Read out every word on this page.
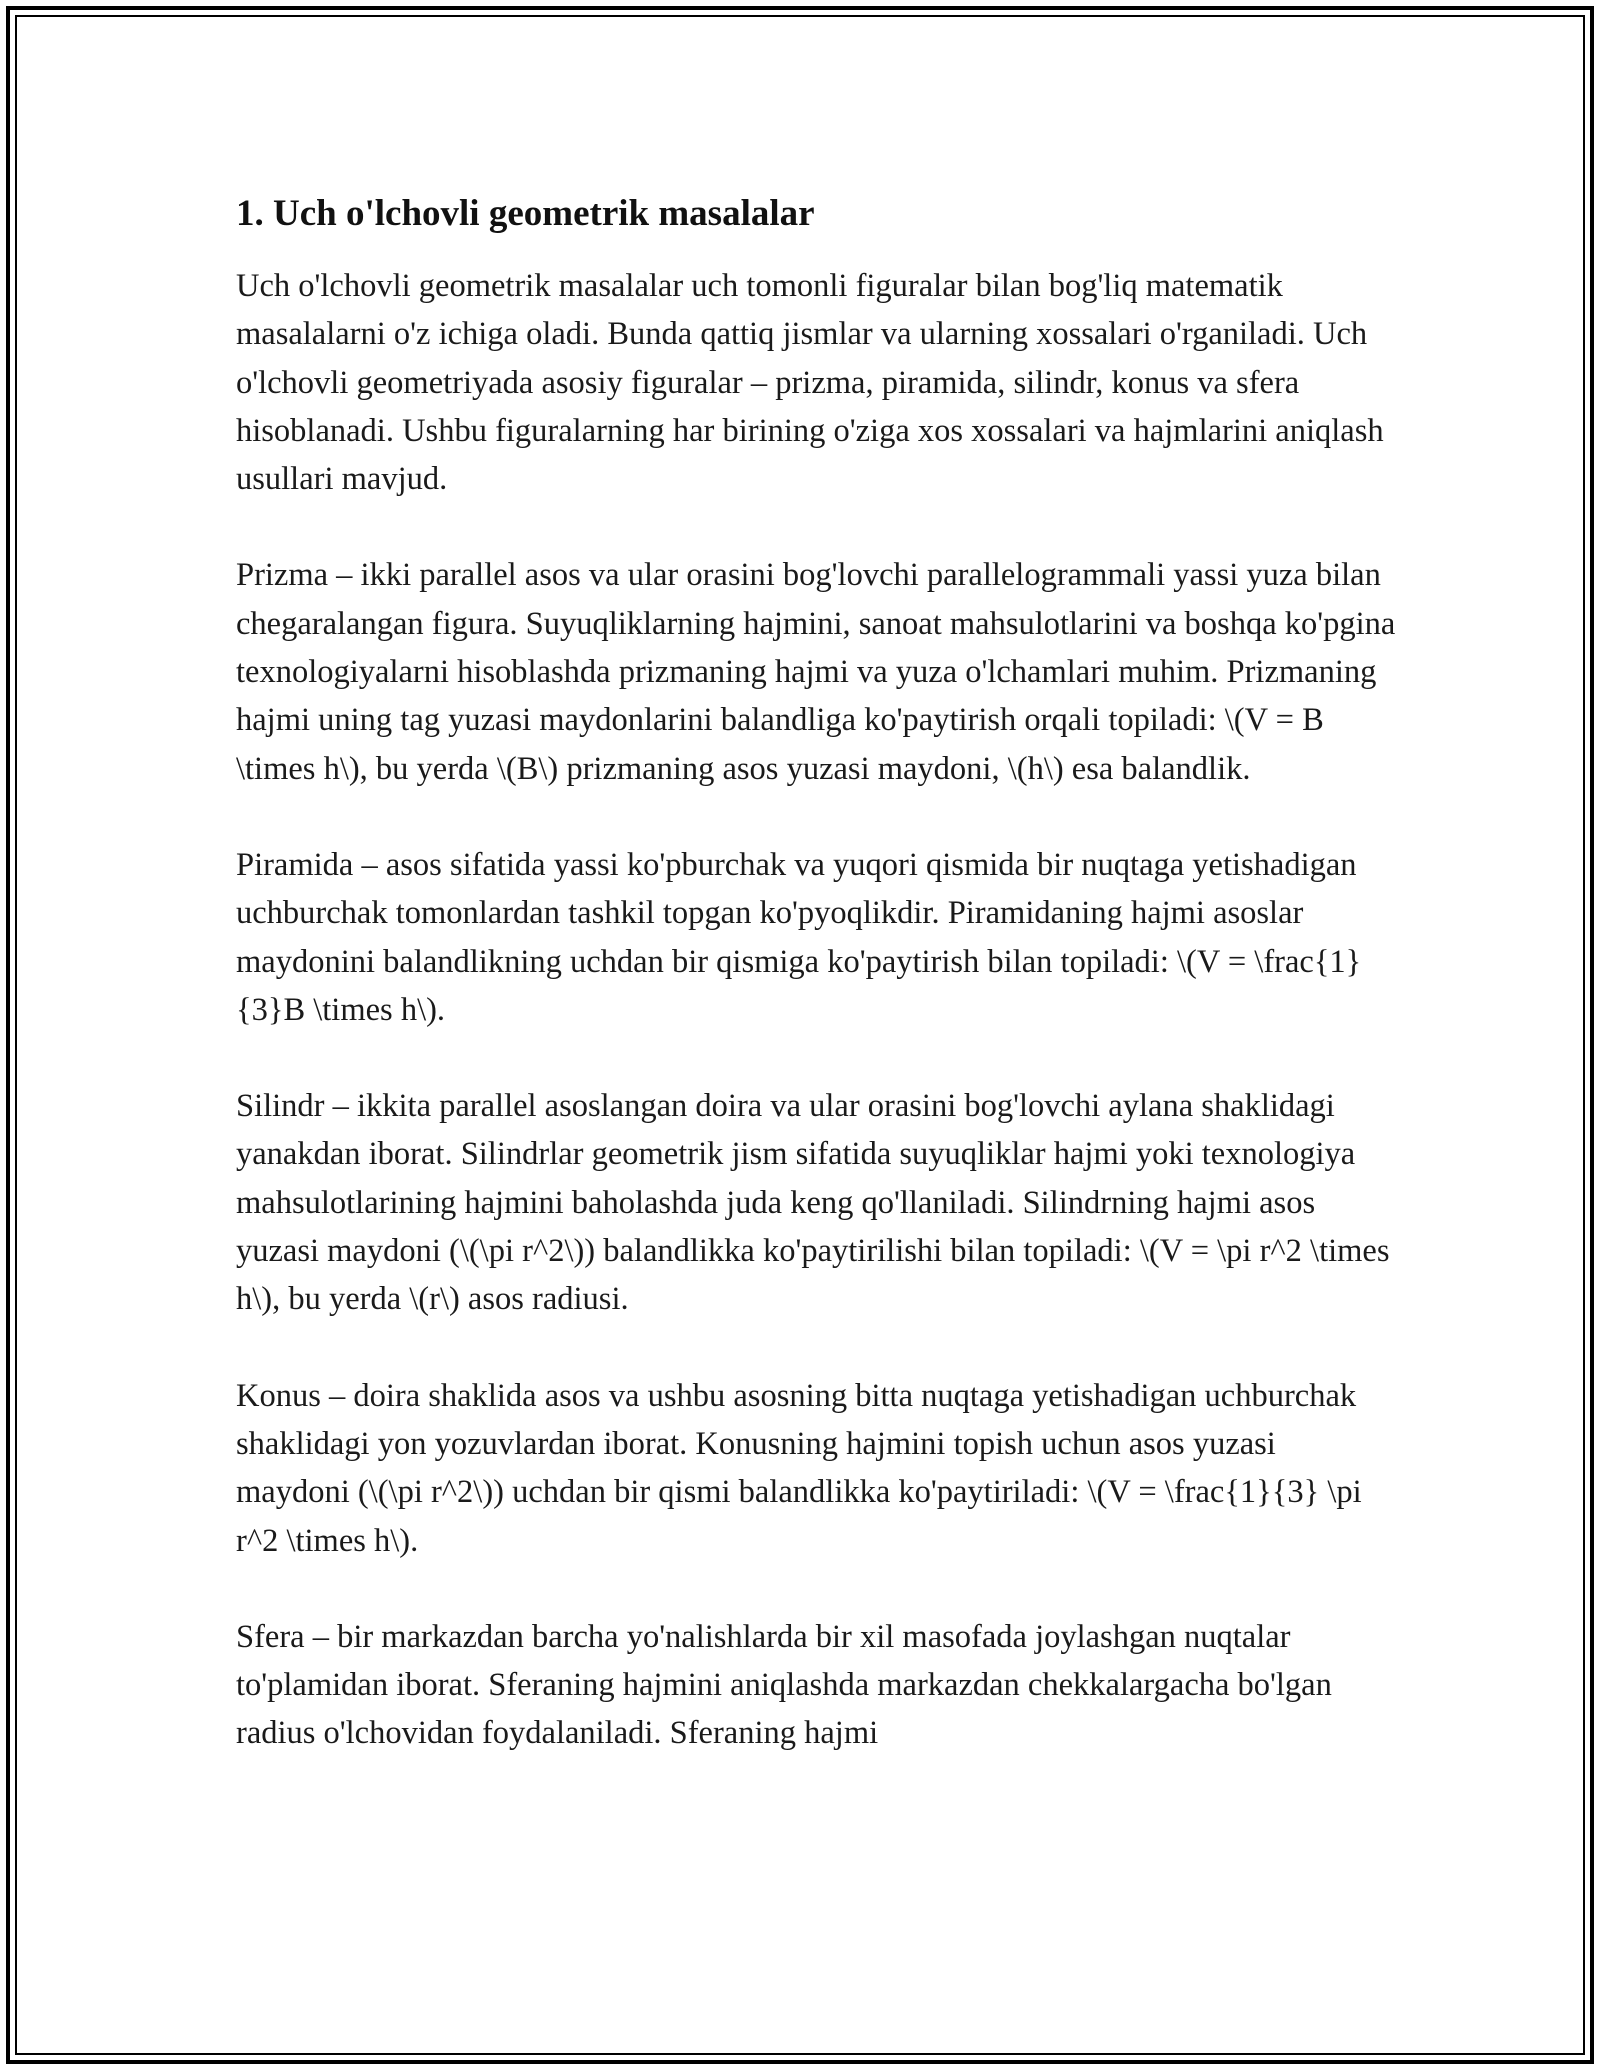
1. Uch o'lchovli geometrik masalalar

Uch o'lchovli geometrik masalalar uch tomonli figuralar bilan bog'liq matematik masalalarni o'z ichiga oladi. Bunda qattiq jismlar va ularning xossalari o'rganiladi. Uch o'lchovli geometriyada asosiy figuralar – prizma, piramida, silindr, konus va sfera hisoblanadi. Ushbu figuralarning har birining o'ziga xos xossalari va hajmlarini aniqlash usullari mavjud.

Prizma – ikki parallel asos va ular orasini bog'lovchi parallelogrammali yassi yuza bilan chegaralangan figura. Suyuqliklarning hajmini, sanoat mahsulotlarini va boshqa ko'pgina texnologiyalarni hisoblashda prizmaning hajmi va yuza o'lchamlari muhim. Prizmaning hajmi uning tag yuzasi maydonlarini balandliga ko'paytirish orqali topiladi: \(V = B \times h\), bu yerda \(B\) prizmaning asos yuzasi maydoni, \(h\) esa balandlik.

Piramida – asos sifatida yassi ko'pburchak va yuqori qismida bir nuqtaga yetishadigan uchburchak tomonlardan tashkil topgan ko'pyoqlikdir. Piramidaning hajmi asoslar maydonini balandlikning uchdan bir qismiga ko'paytirish bilan topiladi: \(V = \frac{1}{3}B \times h\).

Silindr – ikkita parallel asoslangan doira va ular orasini bog'lovchi aylana shaklidagi yanakdan iborat. Silindrlar geometrik jism sifatida suyuqliklar hajmi yoki texnologiya mahsulotlarining hajmini baholashda juda keng qo'llaniladi. Silindrning hajmi asos yuzasi maydoni (\(\pi r^2\)) balandlikka ko'paytirilishi bilan topiladi: \(V = \pi r^2 \times h\), bu yerda \(r\) asos radiusi.

Konus – doira shaklida asos va ushbu asosning bitta nuqtaga yetishadigan uchburchak shaklidagi yon yozuvlardan iborat. Konusning hajmini topish uchun asos yuzasi maydoni (\(\pi r^2\)) uchdan bir qismi balandlikka ko'paytiriladi: \(V = \frac{1}{3} \pi r^2 \times h\).

Sfera – bir markazdan barcha yo'nalishlarda bir xil masofada joylashgan nuqtalar to'plamidan iborat. Sferaning hajmini aniqlashda markazdan chekkalargacha bo'lgan radius o'lchovidan foydalaniladi. Sferaning hajmi
